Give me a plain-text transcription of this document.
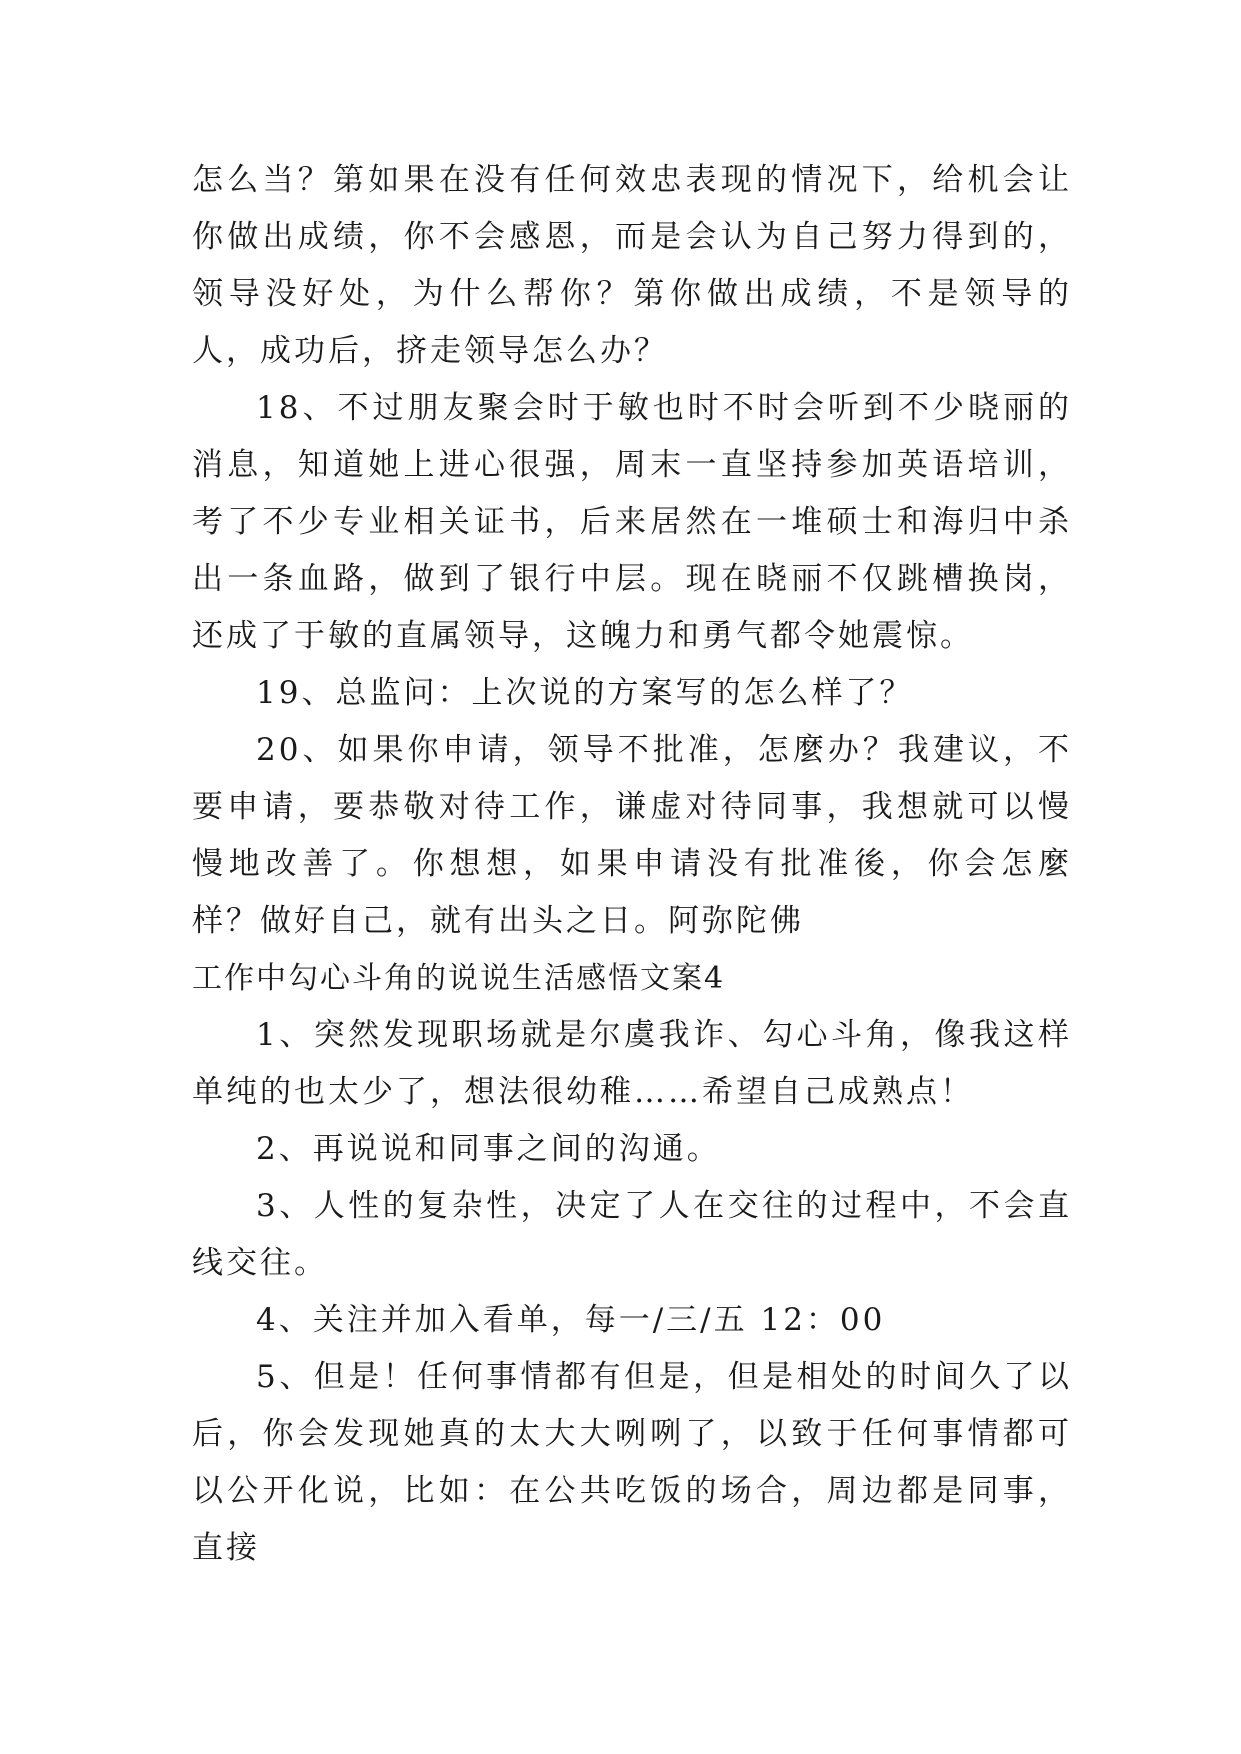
怎么当？第如果在没有任何效忠表现的情况下，给机会让你做出成绩，你不会感恩，而是会认为自己努力得到的，领导没好处，为什么帮你？第你做出成绩，不是领导的人，成功后，挤走领导怎么办？

18、不过朋友聚会时于敏也时不时会听到不少晓丽的消息，知道她上进心很强，周末一直坚持参加英语培训，考了不少专业相关证书，后来居然在一堆硕士和海归中杀出一条血路，做到了银行中层。现在晓丽不仅跳槽换岗，还成了于敏的直属领导，这魄力和勇气都令她震惊。

19、总监问：上次说的方案写的怎么样了？

20、如果你申请，领导不批准，怎麼办？我建议，不要申请，要恭敬对待工作，谦虚对待同事，我想就可以慢慢地改善了。你想想，如果申请没有批准後，你会怎麼样？做好自己，就有出头之日。阿弥陀佛

工作中勾心斗角的说说生活感悟文案4

1、突然发现职场就是尔虞我诈、勾心斗角，像我这样单纯的也太少了，想法很幼稚……希望自己成熟点！

2、再说说和同事之间的沟通。

3、人性的复杂性，决定了人在交往的过程中，不会直线交往。

4、关注并加入看单，每一/三/五 12：00

5、但是！任何事情都有但是，但是相处的时间久了以后，你会发现她真的太大大咧咧了，以致于任何事情都可以公开化说，比如：在公共吃饭的场合，周边都是同事，直接
